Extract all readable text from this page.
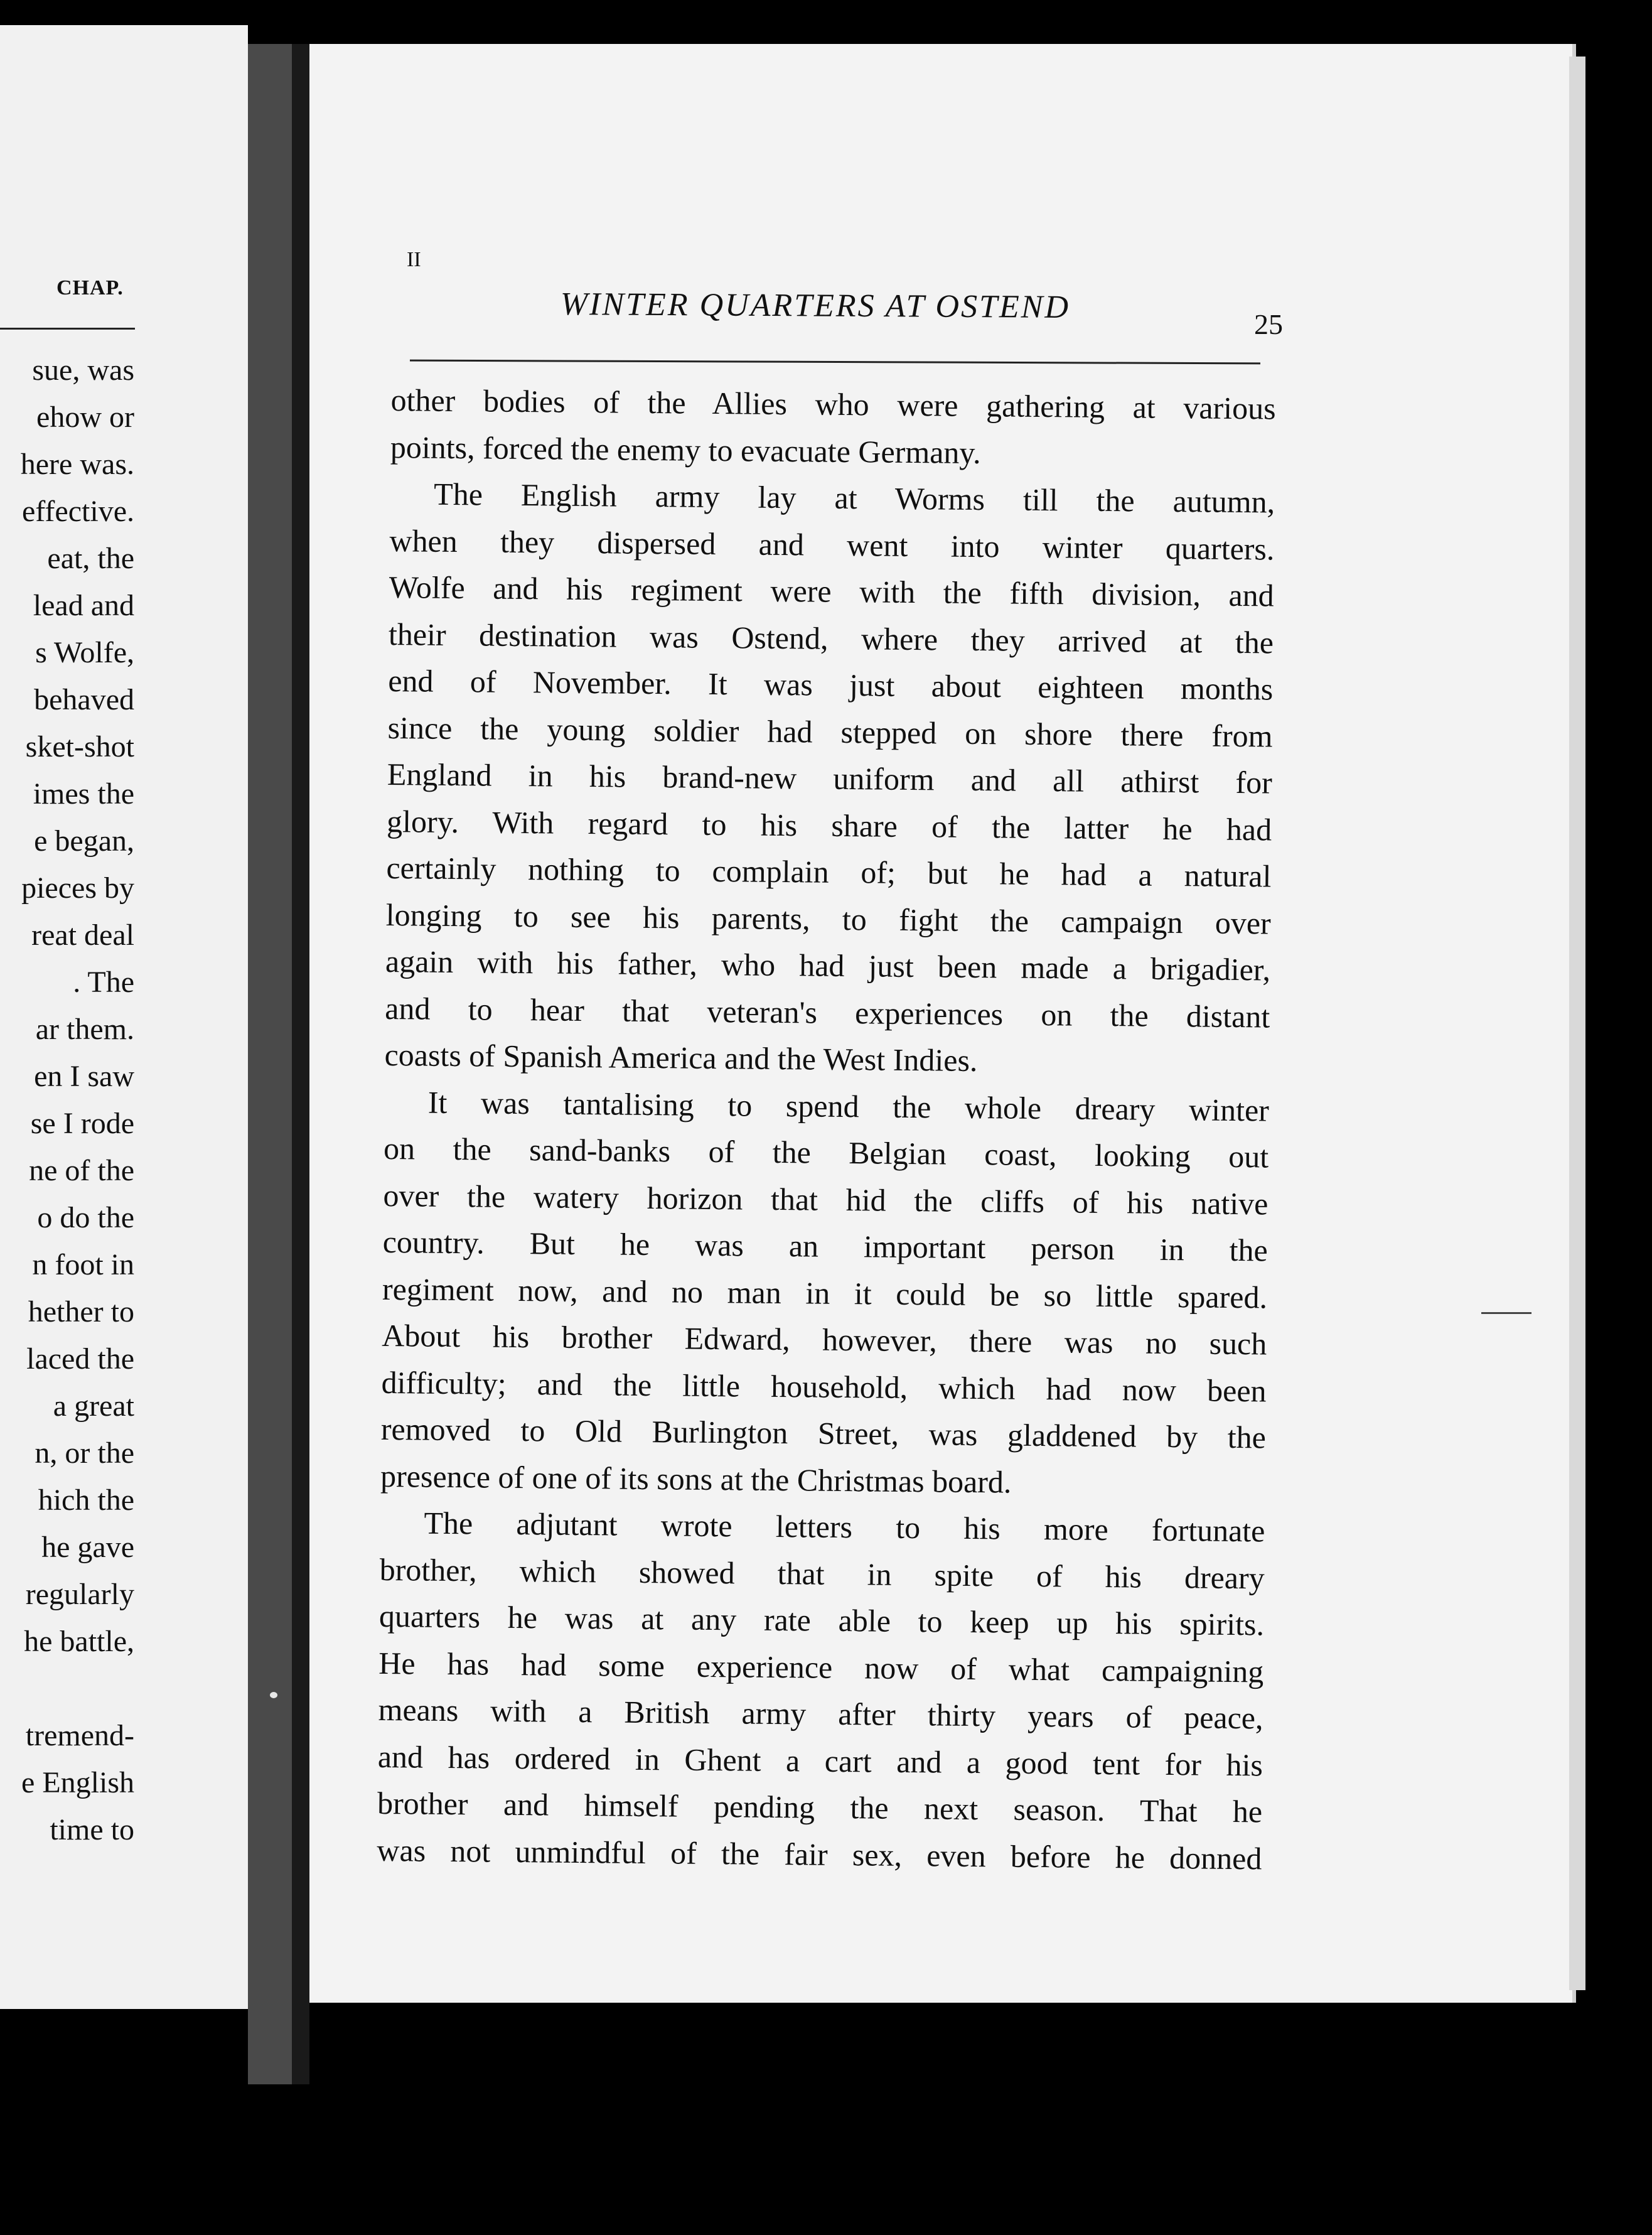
CHAP.

sue, was
ehow or
here was.
effective.
eat, the
lead and
s Wolfe,
behaved
sket-shot
imes the
e began,
pieces by
reat deal
. The
ar them.
en I saw
se I rode
ne of the
o do the
n foot in
hether to
laced the
a great
n, or the
hich the
he gave
regularly
he battle,
tremend-
e English
time to

II

WINTER QUARTERS AT OSTEND	25

other bodies of the Allies who were gathering at various
points, forced the enemy to evacuate Germany.
The English army lay at Worms till the autumn,
when they dispersed and went into winter quarters.
Wolfe and his regiment were with the fifth division, and
their destination was Ostend, where they arrived at the
end of November. It was just about eighteen months
since the young soldier had stepped on shore there from
England in his brand-new uniform and all athirst for
glory. With regard to his share of the latter he had
certainly nothing to complain of; but he had a natural
longing to see his parents, to fight the campaign over
again with his father, who had just been made a brigadier,
and to hear that veteran's experiences on the distant
coasts of Spanish America and the West Indies.
It was tantalising to spend the whole dreary winter
on the sand-banks of the Belgian coast, looking out
over the watery horizon that hid the cliffs of his native
country. But he was an important person in the
regiment now, and no man in it could be so little spared.
About his brother Edward, however, there was no such
difficulty; and the little household, which had now been
removed to Old Burlington Street, was gladdened by the
presence of one of its sons at the Christmas board.
The adjutant wrote letters to his more fortunate
brother, which showed that in spite of his dreary
quarters he was at any rate able to keep up his spirits.
He has had some experience now of what campaigning
means with a British army after thirty years of peace,
and has ordered in Ghent a cart and a good tent for his
brother and himself pending the next season. That he
was not unmindful of the fair sex, even before he donned
